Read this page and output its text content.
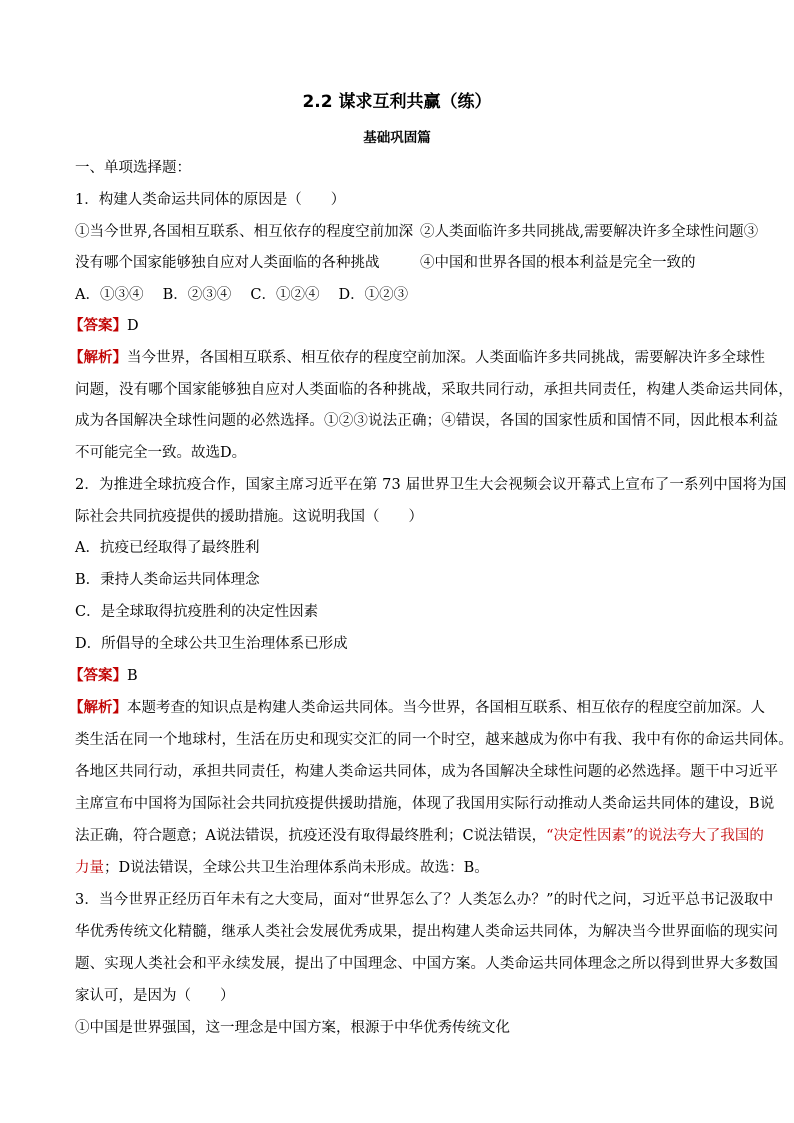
2.2 谋求互利共赢（练）
基础巩固篇
一、单项选择题：
1．构建人类命运共同体的原因是（　　）
①当今世界,各国相互联系、相互依存的程度空前加深 ②人类面临许多共同挑战,需要解决许多全球性问题③
没有哪个国家能够独自应对人类面临的各种挑战	④中国和世界各国的根本利益是完全一致的
A．①③④　 B．②③④　 C．①②④　 D．①②③
【答案】D
【解析】当今世界，各国相互联系、相互依存的程度空前加深。人类面临许多共同挑战，需要解决许多全球性
问题，没有哪个国家能够独自应对人类面临的各种挑战，采取共同行动，承担共同责任，构建人类命运共同体，
成为各国解决全球性问题的必然选择。①②③说法正确；④错误，各国的国家性质和国情不同，因此根本利益
不可能完全一致。故选D。
2．为推进全球抗疫合作，国家主席习近平在第 73 届世界卫生大会视频会议开幕式上宣布了一系列中国将为国
际社会共同抗疫提供的援助措施。这说明我国（　　）
A．抗疫已经取得了最终胜利
B．秉持人类命运共同体理念
C．是全球取得抗疫胜利的决定性因素
D．所倡导的全球公共卫生治理体系已形成
【答案】B
【解析】本题考查的知识点是构建人类命运共同体。当今世界，各国相互联系、相互依存的程度空前加深。人
类生活在同一个地球村，生活在历史和现实交汇的同一个时空，越来越成为你中有我、我中有你的命运共同体。
各地区共同行动，承担共同责任，构建人类命运共同体，成为各国解决全球性问题的必然选择。题干中习近平
主席宣布中国将为国际社会共同抗疫提供援助措施，体现了我国用实际行动推动人类命运共同体的建设，B说
法正确，符合题意；A说法错误，抗疫还没有取得最终胜利；C说法错误，“决定性因素”的说法夸大了我国的
力量；D说法错误，全球公共卫生治理体系尚未形成。故选：B。
3．当今世界正经历百年未有之大变局，面对“世界怎么了？人类怎么办？”的时代之问，习近平总书记汲取中
华优秀传统文化精髓，继承人类社会发展优秀成果，提出构建人类命运共同体，为解决当今世界面临的现实问
题、实现人类社会和平永续发展，提出了中国理念、中国方案。人类命运共同体理念之所以得到世界大多数国
家认可，是因为（　　）
①中国是世界强国，这一理念是中国方案，根源于中华优秀传统文化
